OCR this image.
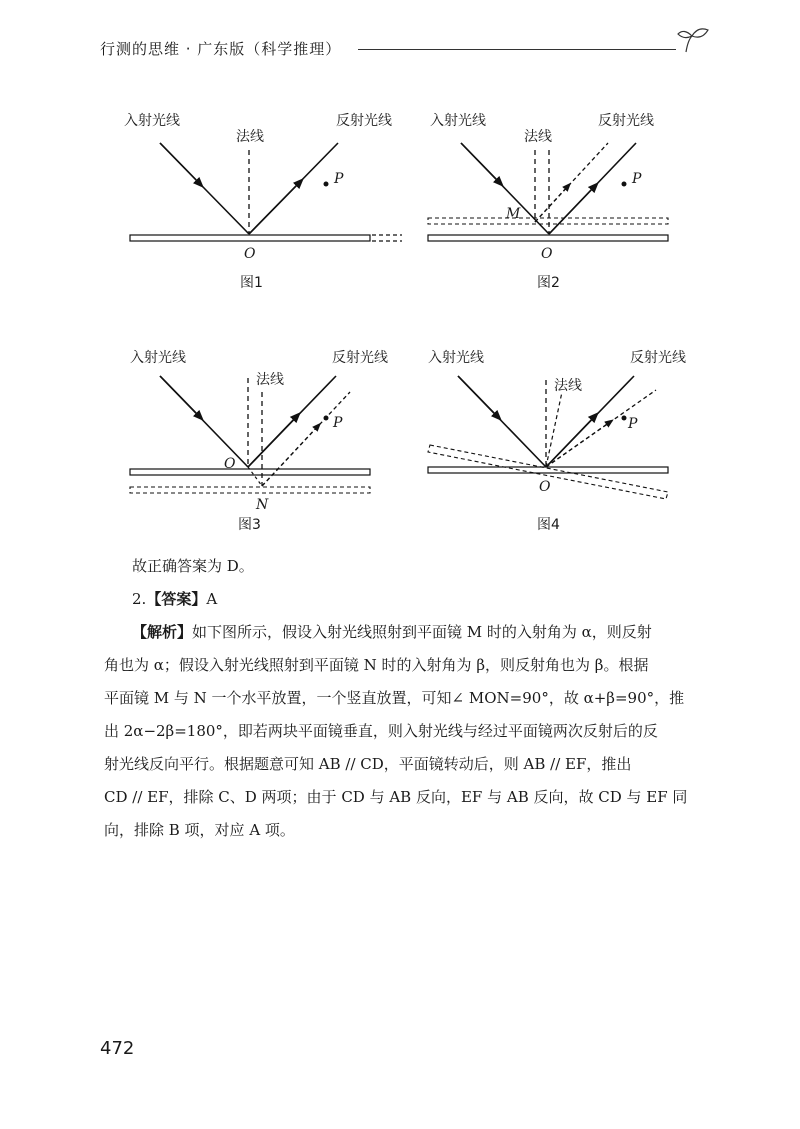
行测的思维 · 广东版（科学推理）
入射光线
法线
反射光线
P
O
入射光线
法线
反射光线
P
M
O
入射光线
法线
反射光线
P
O
N
入射光线
法线
反射光线
P
O
图1	图2
图3	图4
故正确答案为 D。
2.【答案】A
【解析】如下图所示，假设入射光线照射到平面镜 M 时的入射角为 α，则反射
角也为 α；假设入射光线照射到平面镜 N 时的入射角为 β，则反射角也为 β。根据
平面镜 M 与 N 一个水平放置，一个竖直放置，可知∠ MON=90°，故 α+β=90°，推
出 2α−2β=180°，即若两块平面镜垂直，则入射光线与经过平面镜两次反射后的反
射光线反向平行。根据题意可知 AB // CD，平面镜转动后，则 AB // EF，推出
CD // EF，排除 C、D 两项；由于 CD 与 AB 反向，EF 与 AB 反向，故 CD 与 EF 同
向，排除 B 项，对应 A 项。
472
